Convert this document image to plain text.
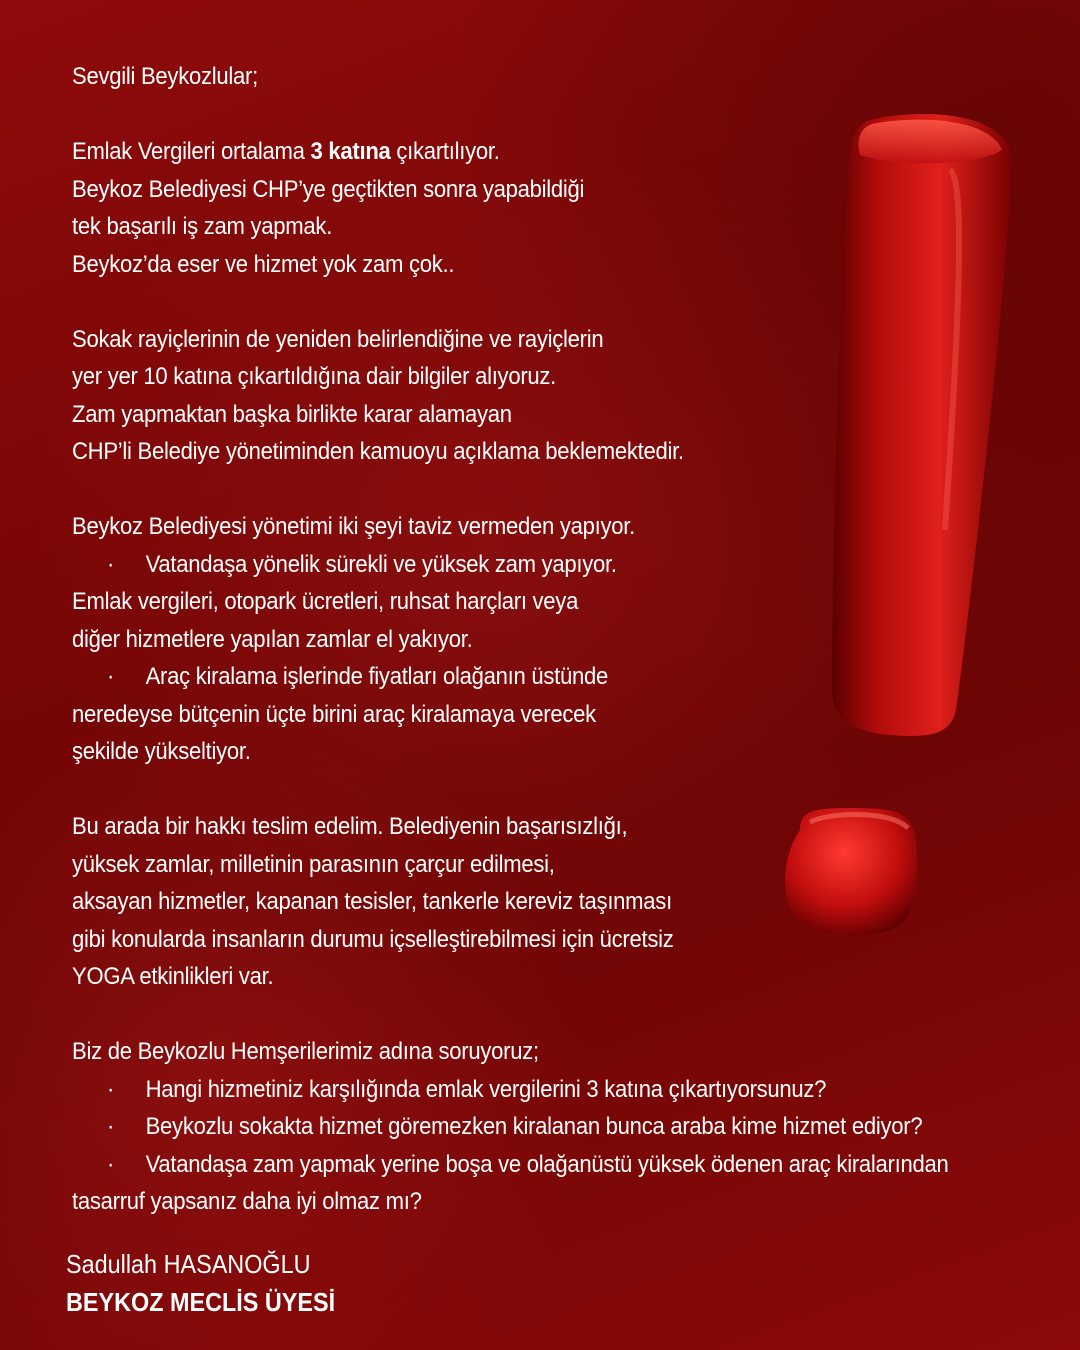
Sevgili Beykozlular;
Emlak Vergileri ortalama 3 katına çıkartılıyor.
Beykoz Belediyesi CHP’ye geçtikten sonra yapabildiği
tek başarılı iş zam yapmak.
Beykoz’da eser ve hizmet yok zam çok..
Sokak rayiçlerinin de yeniden belirlendiğine ve rayiçlerin
yer yer 10 katına çıkartıldığına dair bilgiler alıyoruz.
Zam yapmaktan başka birlikte karar alamayan
CHP’li Belediye yönetiminden kamuoyu açıklama beklemektedir.
Beykoz Belediyesi yönetimi iki şeyi taviz vermeden yapıyor.
· Vatandaşa yönelik sürekli ve yüksek zam yapıyor.
Emlak vergileri, otopark ücretleri, ruhsat harçları veya
diğer hizmetlere yapılan zamlar el yakıyor.
· Araç kiralama işlerinde fiyatları olağanın üstünde
neredeyse bütçenin üçte birini araç kiralamaya verecek
şekilde yükseltiyor.
Bu arada bir hakkı teslim edelim. Belediyenin başarısızlığı,
yüksek zamlar, milletinin parasının çarçur edilmesi,
aksayan hizmetler, kapanan tesisler, tankerle kereviz taşınması
gibi konularda insanların durumu içselleştirebilmesi için ücretsiz
YOGA etkinlikleri var.
Biz de Beykozlu Hemşerilerimiz adına soruyoruz;
· Hangi hizmetiniz karşılığında emlak vergilerini 3 katına çıkartıyorsunuz?
· Beykozlu sokakta hizmet göremezken kiralanan bunca araba kime hizmet ediyor?
· Vatandaşa zam yapmak yerine boşa ve olağanüstü yüksek ödenen araç kiralarından
tasarruf yapsanız daha iyi olmaz mı?
Sadullah HASANOĞLU
BEYKOZ MECLİS ÜYESİ
